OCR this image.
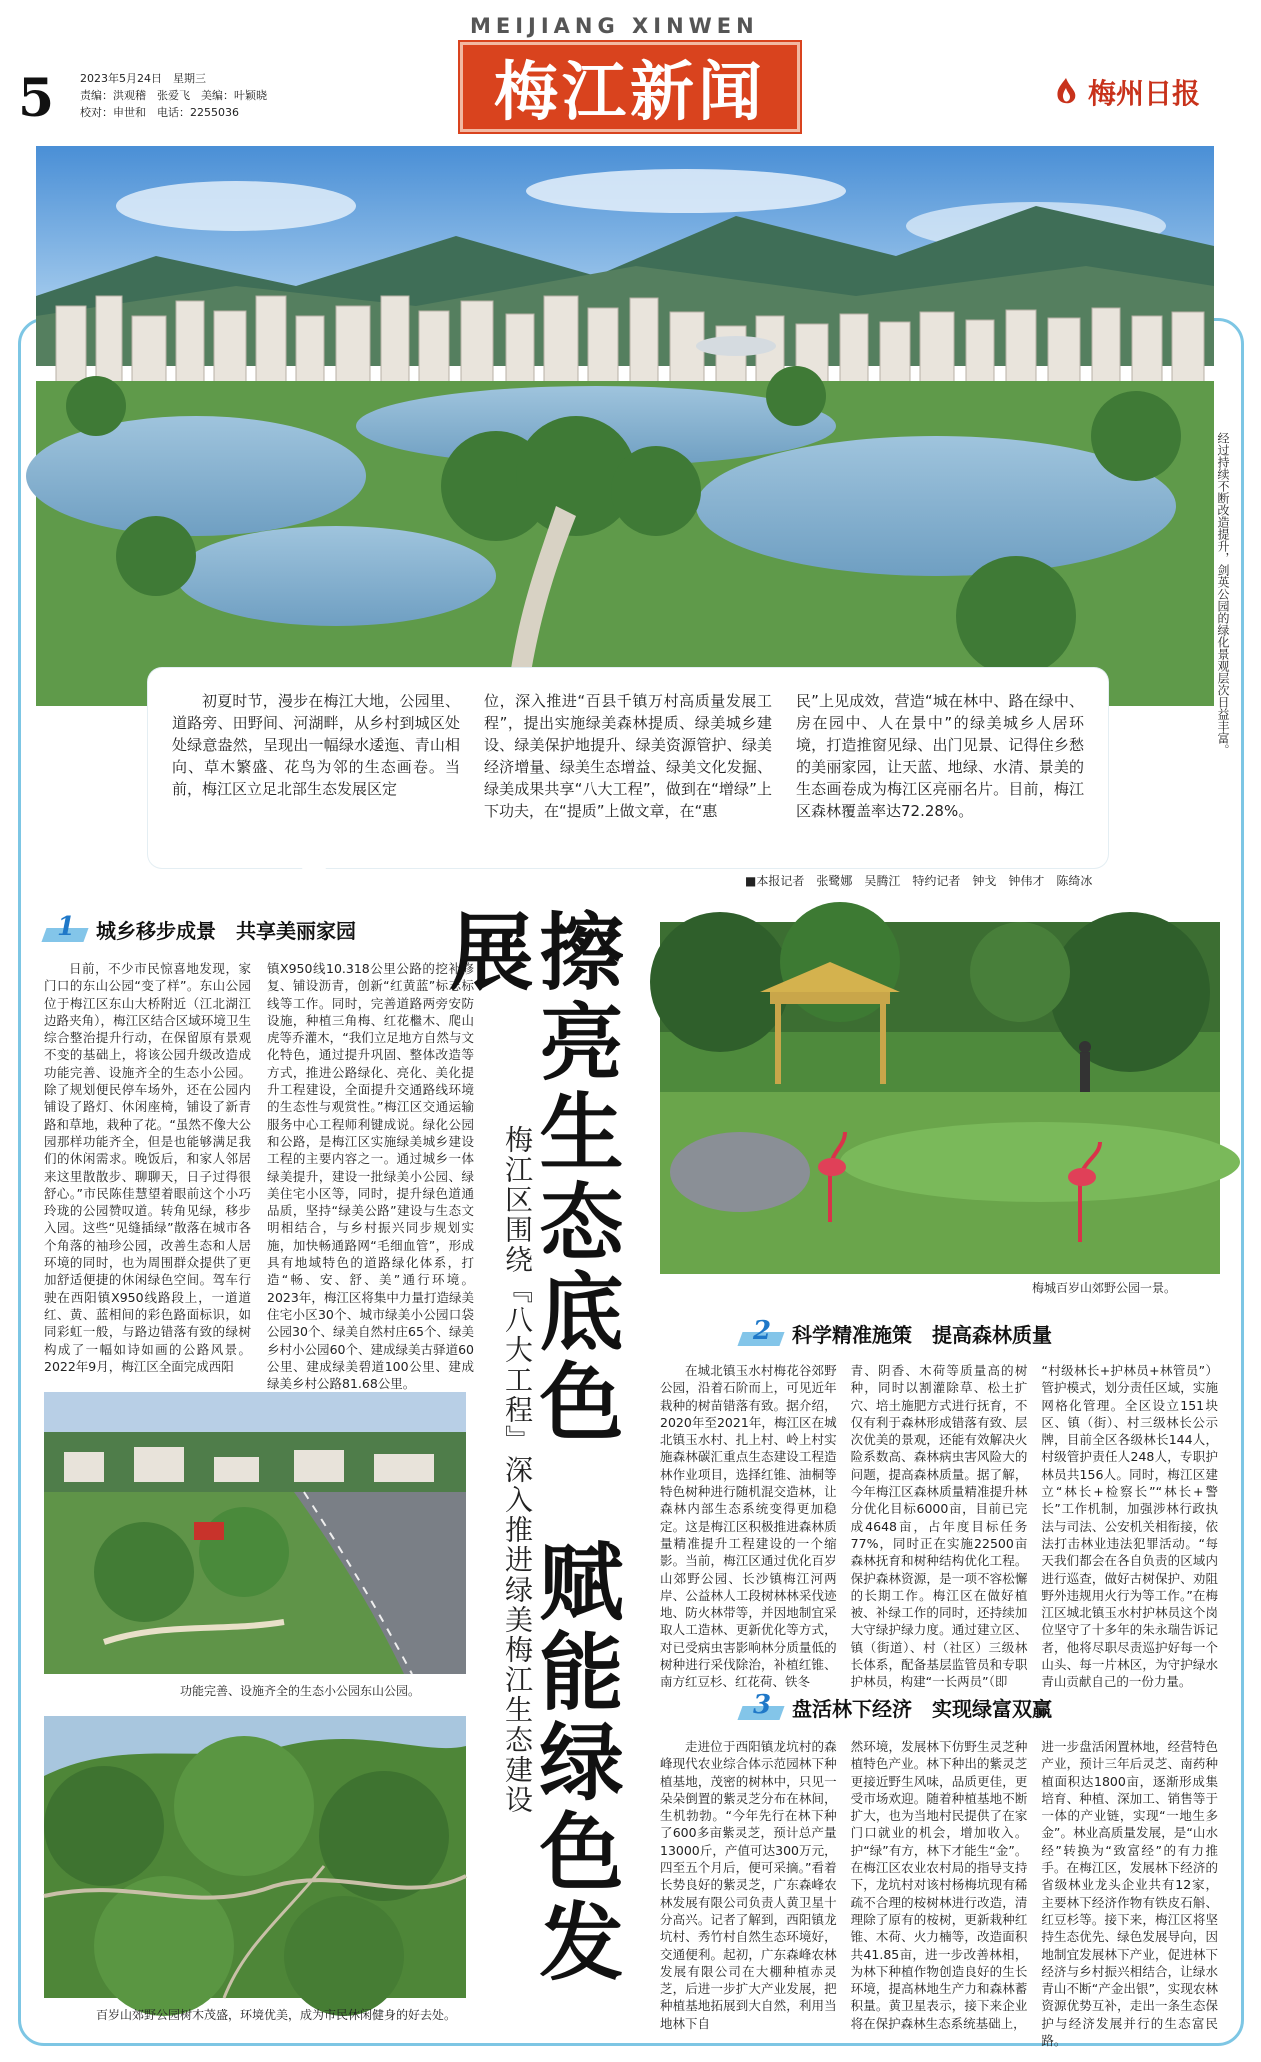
5 2023年5月24日　星期三
责编：洪观稽　张爱飞　美编：叶颖晓
校对：申世和　电话：2255036
MEIJIANG XINWEN
梅江新闻	梅州日报
经过持续不断改造提升，剑英公园的绿化景观层次日益丰富。

初夏时节，漫步在梅江大地，公园里、道路旁、田野间、河湖畔，从乡村到城区处处绿意盎然，呈现出一幅绿水逶迤、青山相向、草木繁盛、花鸟为邻的生态画卷。当前，梅江区立足北部生态发展区定

位，深入推进“百县千镇万村高质量发展工程”，提出实施绿美森林提质、绿美城乡建设、绿美保护地提升、绿美资源管护、绿美经济增量、绿美生态增益、绿美文化发掘、绿美成果共享“八大工程”，做到在“增绿”上下功夫，在“提质”上做文章，在“惠

民”上见成效，营造“城在林中、路在绿中、房在园中、人在景中”的绿美城乡人居环境，打造推窗见绿、出门见景、记得住乡愁的美丽家园，让天蓝、地绿、水清、景美的生态画卷成为梅江区亮丽名片。目前，梅江区森林覆盖率达72.28%。

■本报记者　张鹭娜　吴腾江　特约记者　钟戈　钟伟才　陈绮冰
1 城乡移步成景　共享美丽家园

日前，不少市民惊喜地发现，家门口的东山公园“变了样”。东山公园位于梅江区东山大桥附近（江北湖江边路夹角），梅江区结合区域环境卫生综合整治提升行动，在保留原有景观不变的基础上，将该公园升级改造成功能完善、设施齐全的生态小公园。除了规划便民停车场外，还在公园内铺设了路灯、休闲座椅，铺设了新青路和草地，栽种了花。“虽然不像大公园那样功能齐全，但是也能够满足我们的休闲需求。晚饭后，和家人邻居来这里散散步、聊聊天，日子过得很舒心。”市民陈佳慧望着眼前这个小巧玲珑的公园赞叹道。转角见绿，移步入园。这些“见缝插绿”散落在城市各个角落的袖珍公园，改善生态和人居环境的同时，也为周围群众提供了更加舒适便捷的休闲绿色空间。驾车行驶在西阳镇X950线路段上，一道道红、黄、蓝相间的彩色路面标识，如同彩虹一般，与路边错落有致的绿树构成了一幅如诗如画的公路风景。2022年9月，梅江区全面完成西阳

镇X950线10.318公里公路的挖补修复、铺设沥青，创新“红黄蓝”标志标线等工作。同时，完善道路两旁安防设施，种植三角梅、红花檵木、爬山虎等乔灌木，“我们立足地方自然与文化特色，通过提升巩固、整体改造等方式，推进公路绿化、亮化、美化提升工程建设，全面提升交通路线环境的生态性与观赏性。”梅江区交通运输服务中心工程师利键成说。绿化公园和公路，是梅江区实施绿美城乡建设工程的主要内容之一。通过城乡一体绿美提升，建设一批绿美小公园、绿美住宅小区等，同时，提升绿色道通品质，坚持“绿美公路”建设与生态文明相结合，与乡村振兴同步规划实施，加快畅通路网“毛细血管”，形成具有地域特色的道路绿化体系，打造“畅、安、舒、美”通行环境。2023年，梅江区将集中力量打造绿美住宅小区30个、城市绿美小公园口袋公园30个、绿美自然村庄65个、绿美乡村小公园60个、建成绿美古驿道60公里、建成绿美碧道100公里、建成绿美乡村公路81.68公里。	擦亮生态底色　赋能绿色发展
梅江区围绕『八大工程』深入推进绿美梅江生态建设	梅城百岁山郊野公园一景。
功能完善、设施齐全的生态小公园东山公园。
百岁山郊野公园树木茂盛，环境优美，成为市民休闲健身的好去处。
2 科学精准施策　提高森林质量

在城北镇玉水村梅花谷郊野公园，沿着石阶而上，可见近年栽种的树苗错落有致。据介绍，2020年至2021年，梅江区在城北镇玉水村、扎上村、岭上村实施森林碳汇重点生态建设工程造林作业项目，选择红锥、油桐等特色树种进行随机混交造林，让森林内部生态系统变得更加稳定。这是梅江区积极推进森林质量精准提升工程建设的一个缩影。当前，梅江区通过优化百岁山郊野公园、长沙镇梅江河两岸、公益林人工段树林林采伐迹地、防火林带等，并因地制宜采取人工造林、更新优化等方式，对已受病虫害影响林分质量低的树种进行采伐除治，补植红锥、南方红豆杉、红花荷、铁冬

青、阴香、木荷等质量高的树种，同时以割灌除草、松土扩穴、培土施肥方式进行抚育，不仅有利于森林形成错落有致、层次优美的景观，还能有效解决火险系数高、森林病虫害风险大的问题，提高森林质量。据了解，今年梅江区森林质量精准提升林分优化目标6000亩，目前已完成4648亩，占年度目标任务77%，同时正在实施22500亩森林抚育和树种结构优化工程。保护森林资源，是一项不容松懈的长期工作。梅江区在做好植被、补绿工作的同时，还持续加大守绿护绿力度。通过建立区、镇（街道）、村（社区）三级林长体系，配备基层监管员和专职护林员，构建“一长两员”（即

“村级林长+护林员+林管员”）管护模式，划分责任区域，实施网格化管理。全区设立151块区、镇（街）、村三级林长公示牌，目前全区各级林长144人，村级管护责任人248人，专职护林员共156人。同时，梅江区建立“林长+检察长”“林长+警长”工作机制，加强涉林行政执法与司法、公安机关相衔接，依法打击林业违法犯罪活动。“每天我们都会在各自负责的区域内进行巡查，做好古树保护、劝阻野外违规用火行为等工作。”在梅江区城北镇玉水村护林员这个岗位坚守了十多年的朱永瑞告诉记者，他将尽职尽责巡护好每一个山头、每一片林区，为守护绿水青山贡献自己的一份力量。

3 盘活林下经济　实现绿富双赢

走进位于西阳镇龙坑村的森峰现代农业综合体示范园林下种植基地，茂密的树林中，只见一朵朵倒置的紫灵芝分布在林间，生机勃勃。“今年先行在林下种了600多亩紫灵芝，预计总产量13000斤，产值可达300万元，四至五个月后，便可采摘。”看着长势良好的紫灵芝，广东森峰农林发展有限公司负责人黄卫星十分高兴。记者了解到，西阳镇龙坑村、秀竹村自然生态环境好，交通便利。起初，广东森峰农林发展有限公司在大棚种植赤灵芝，后进一步扩大产业发展，把种植基地拓展到大自然，利用当地林下自

然环境，发展林下仿野生灵芝种植特色产业。林下种出的紫灵芝更接近野生风味，品质更佳，更受市场欢迎。随着种植基地不断扩大，也为当地村民提供了在家门口就业的机会，增加收入。护“绿”有方，林下才能生“金”。在梅江区农业农村局的指导支持下，龙坑村对该村杨梅坑现有稀疏不合理的桉树林进行改造，清理除了原有的桉树，更新栽种红锥、木荷、火力楠等，改造面积共41.85亩，进一步改善林相，为林下种植作物创造良好的生长环境，提高林地生产力和森林蓄积量。黄卫星表示，接下来企业将在保护森林生态系统基础上，

进一步盘活闲置林地，经营特色产业，预计三年后灵芝、南药种植面积达1800亩，逐渐形成集培育、种植、深加工、销售等于一体的产业链，实现“一地生多金”。林业高质量发展，是“山水经”转换为“致富经”的有力推手。在梅江区，发展林下经济的省级林业龙头企业共有12家，主要林下经济作物有铁皮石斛、红豆杉等。接下来，梅江区将坚持生态优先、绿色发展导向，因地制宜发展林下产业，促进林下经济与乡村振兴相结合，让绿水青山不断“产金出银”，实现农林资源优势互补，走出一条生态保护与经济发展并行的生态富民路。
